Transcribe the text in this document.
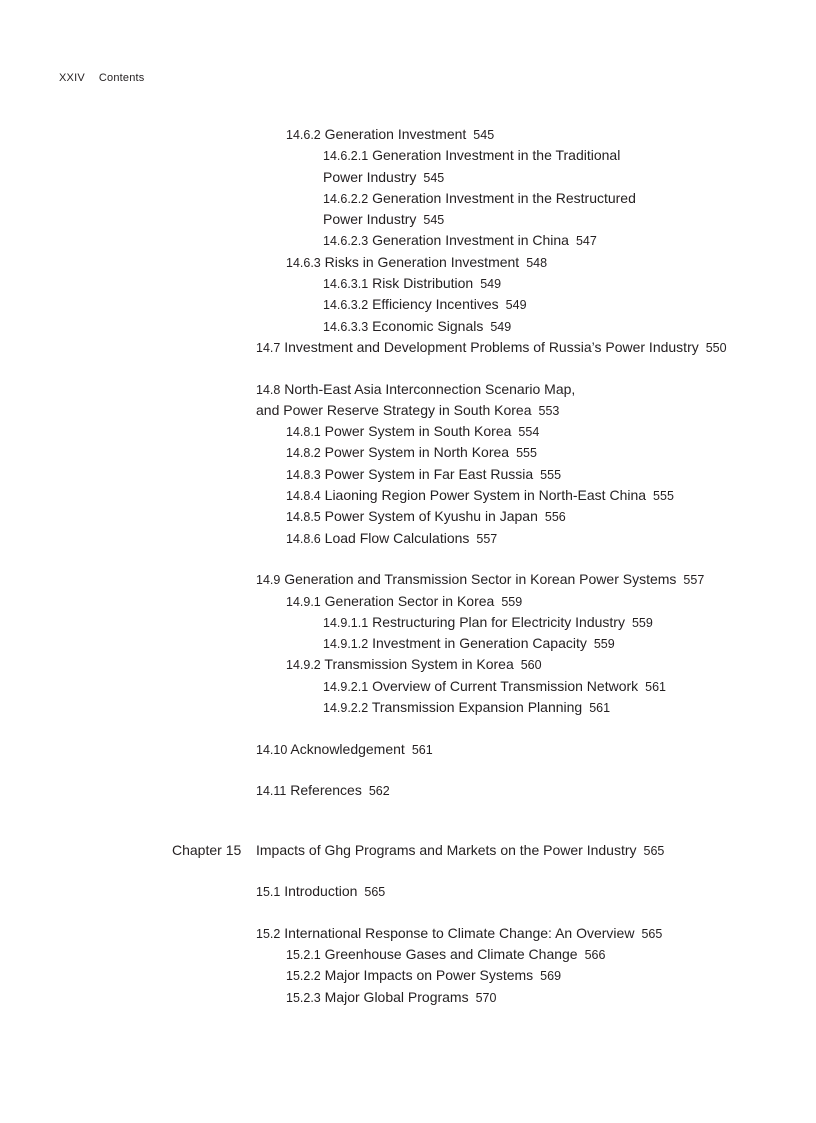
XXIV Contents
14.6.2 Generation Investment 545
14.6.2.1 Generation Investment in the Traditional
Power Industry 545
14.6.2.2 Generation Investment in the Restructured
Power Industry 545
14.6.2.3 Generation Investment in China 547
14.6.3 Risks in Generation Investment 548
14.6.3.1 Risk Distribution 549
14.6.3.2 Efficiency Incentives 549
14.6.3.3 Economic Signals 549
14.7 Investment and Development Problems of Russia’s Power Industry 550
14.8 North-East Asia Interconnection Scenario Map,
and Power Reserve Strategy in South Korea 553
14.8.1 Power System in South Korea 554
14.8.2 Power System in North Korea 555
14.8.3 Power System in Far East Russia 555
14.8.4 Liaoning Region Power System in North-East China 555
14.8.5 Power System of Kyushu in Japan 556
14.8.6 Load Flow Calculations 557
14.9 Generation and Transmission Sector in Korean Power Systems 557
14.9.1 Generation Sector in Korea 559
14.9.1.1 Restructuring Plan for Electricity Industry 559
14.9.1.2 Investment in Generation Capacity 559
14.9.2 Transmission System in Korea 560
14.9.2.1 Overview of Current Transmission Network 561
14.9.2.2 Transmission Expansion Planning 561
14.10 Acknowledgement 561
14.11 References 562
Chapter 15 Impacts of Ghg Programs and Markets on the Power Industry 565
15.1 Introduction 565
15.2 International Response to Climate Change: An Overview 565
15.2.1 Greenhouse Gases and Climate Change 566
15.2.2 Major Impacts on Power Systems 569
15.2.3 Major Global Programs 570
